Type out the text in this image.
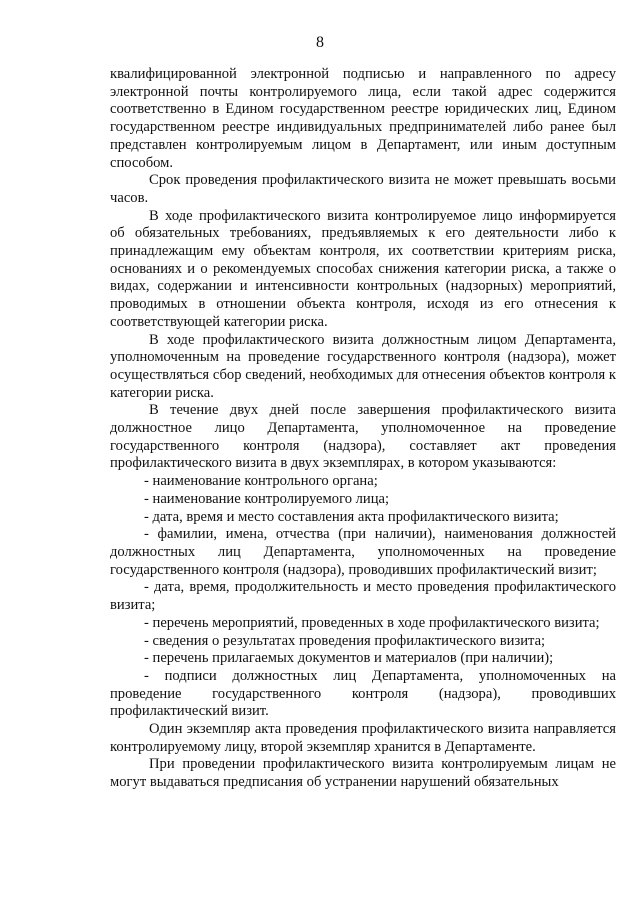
8

квалифицированной электронной подписью и направленного по адресу электронной почты контролируемого лица, если такой адрес содержится соответственно в Едином государственном реестре юридических лиц, Едином государственном реестре индивидуальных предпринимателей либо ранее был представлен контролируемым лицом в Департамент, или иным доступным способом.

Срок проведения профилактического визита не может превышать восьми часов.

В ходе профилактического визита контролируемое лицо информируется об обязательных требованиях, предъявляемых к его деятельности либо к принадлежащим ему объектам контроля, их соответствии критериям риска, основаниях и о рекомендуемых способах снижения категории риска, а также о видах, содержании и интенсивности контрольных (надзорных) мероприятий, проводимых в отношении объекта контроля, исходя из его отнесения к соответствующей категории риска.

В ходе профилактического визита должностным лицом Департамента, уполномоченным на проведение государственного контроля (надзора), может осуществляться сбор сведений, необходимых для отнесения объектов контроля к категории риска.

В течение двух дней после завершения профилактического визита должностное лицо Департамента, уполномоченное на проведение государственного контроля (надзора), составляет акт проведения профилактического визита в двух экземплярах, в котором указываются:

- наименование контрольного органа;

- наименование контролируемого лица;

- дата, время и место составления акта профилактического визита;

- фамилии, имена, отчества (при наличии), наименования должностей должностных лиц Департамента, уполномоченных на проведение государственного контроля (надзора), проводивших профилактический визит;

- дата, время, продолжительность и место проведения профилактического визита;

- перечень мероприятий, проведенных в ходе профилактического визита;

- сведения о результатах проведения профилактического визита;

- перечень прилагаемых документов и материалов (при наличии);

- подписи должностных лиц Департамента, уполномоченных на проведение государственного контроля (надзора), проводивших профилактический визит.

Один экземпляр акта проведения профилактического визита направляется контролируемому лицу, второй экземпляр хранится в Департаменте.

При проведении профилактического визита контролируемым лицам не могут выдаваться предписания об устранении нарушений обязательных
